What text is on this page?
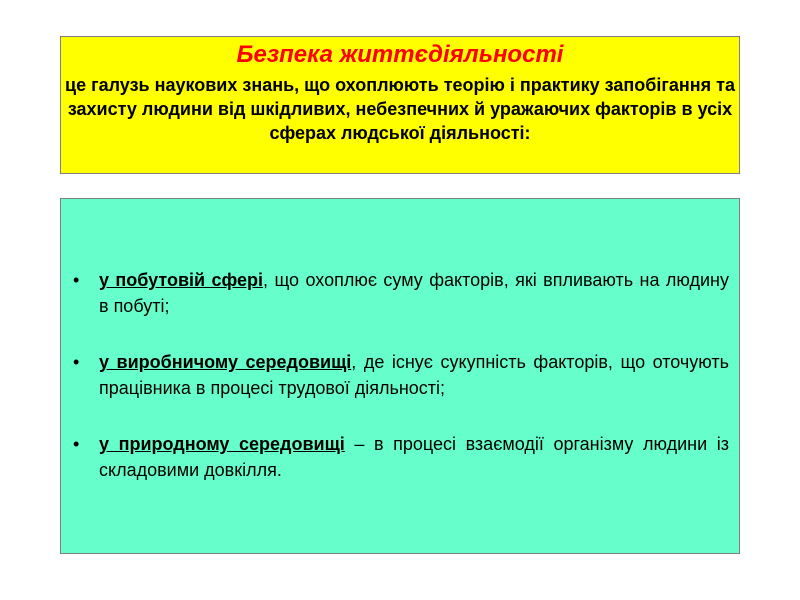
Безпека життєдіяльності

це галузь наукових знань, що охоплюють теорію і практику запобігання та захисту людини від шкідливих, небезпечних й уражаючих факторів в усіх сферах людської діяльності:

• у побутовій сфері, що охоплює суму факторів, які впливають на людину в побуті;
• у виробничому середовищі, де існує сукупність факторів, що оточують працівника в процесі трудової діяльності;
• у природному середовищі – в процесі взаємодії організму людини із складовими довкілля.
